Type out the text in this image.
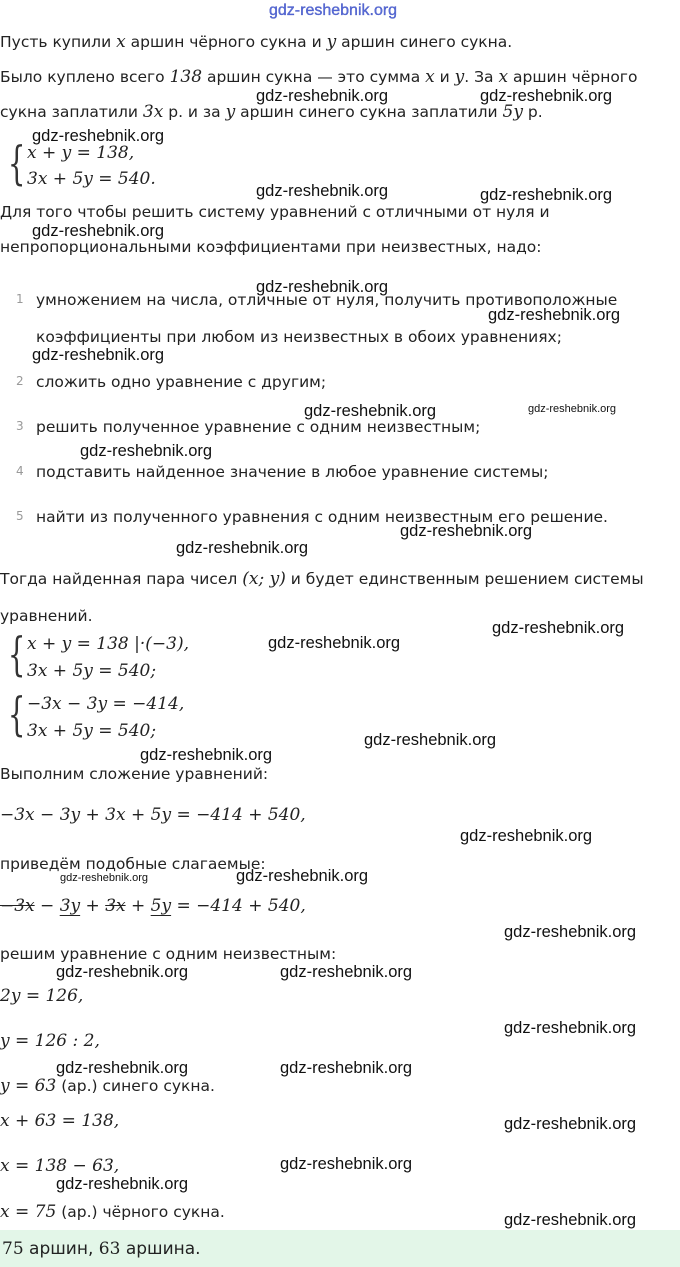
Пусть купили x аршин чёрного сукна и y аршин синего сукна.
Было куплено всего 138 аршин сукна — это сумма x и y. За x аршин чёрного
сукна заплатили 3x р. и за y аршин синего сукна заплатили 5y р.
x + y = 138,
3x + 5y = 540.
Для того чтобы решить систему уравнений с отличными от нуля и
непропорциональными коэффициентами при неизвестных, надо:
Тогда найденная пара чисел (x; y) и будет единственным решением системы
уравнений.
x + y = 138 |·(−3),
3x + 5y = 540;
−3x − 3y = −414,
3x + 5y = 540;
Выполним сложение уравнений:
−3x − 3y + 3x + 5y = −414 + 540,
приведём подобные слагаемые:
−3x − 3y + 3x + 5y = −414 + 540,
решим уравнение с одним неизвестным:
2y = 126,
y = 126 : 2,
y = 63 (ар.) синего сукна.
x + 63 = 138,
x = 138 − 63,
x = 75 (ар.) чёрного сукна.
{
{
{
1 умножением на числа, отличные от нуля, получить противоположные
коэффициенты при любом из неизвестных в обоих уравнениях;
2 сложить одно уравнение с другим;
3 решить полученное уравнение с одним неизвестным;
4 подставить найденное значение в любое уравнение системы;
5 найти из полученного уравнения с одним неизвестным его решение.
75 аршин, 63 аршина.
gdz-reshebnik.org
gdz-reshebnik.org	gdz-reshebnik.org
gdz-reshebnik.org
gdz-reshebnik.org	gdz-reshebnik.org
gdz-reshebnik.org
gdz-reshebnik.org
gdz-reshebnik.org
gdz-reshebnik.org
gdz-reshebnik.org	gdz-reshebnik.org
gdz-reshebnik.org
gdz-reshebnik.org
gdz-reshebnik.org
gdz-reshebnik.org
gdz-reshebnik.org
gdz-reshebnik.org
gdz-reshebnik.org
gdz-reshebnik.org
gdz-reshebnik.org	gdz-reshebnik.org
gdz-reshebnik.org
gdz-reshebnik.org	gdz-reshebnik.org
gdz-reshebnik.org
gdz-reshebnik.org	gdz-reshebnik.org
gdz-reshebnik.org
gdz-reshebnik.org
gdz-reshebnik.org
gdz-reshebnik.org
